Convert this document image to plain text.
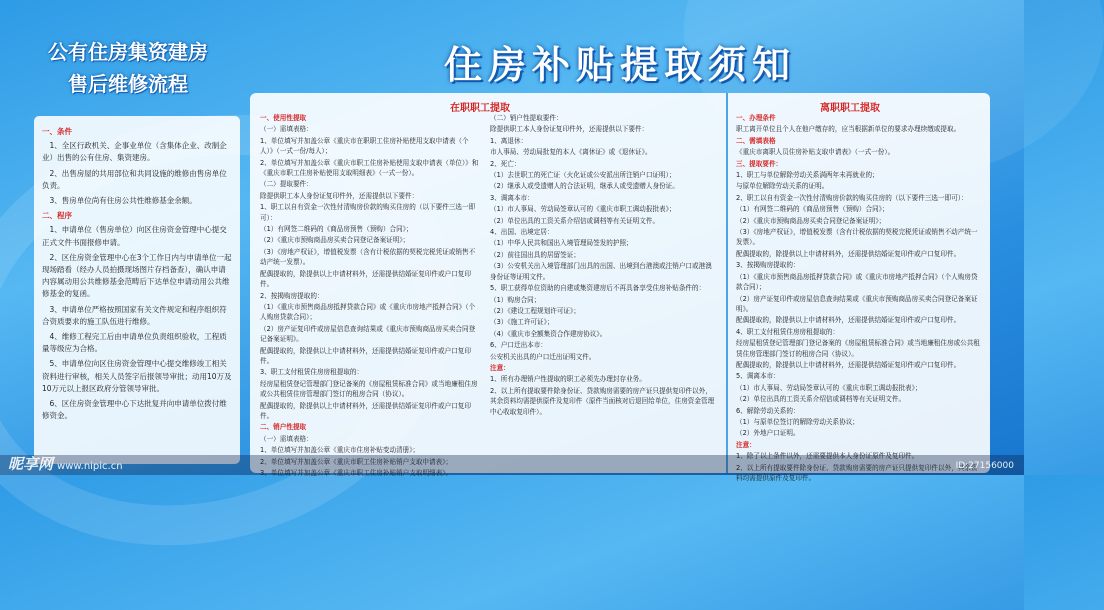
公有住房集资建房
售后维修流程
一、条件

1、全区行政机关、企事业单位（含集体企业、改制企业）出售的公有住房、集资建房。

2、出售房屋的共用部位和共同设施的维修由售房单位负责。

3、售房单位尚有住房公共性维修基金余额。

二、程序

1、申请单位（售房单位）向区住房资金管理中心提交正式文件书面报修申请。

2、区住房资金管理中心在3个工作日内与申请单位一起现场踏看（经办人员拍摄现场图片存档备查），确认申请内容属动用公共维修基金范畴后下达单位申请动用公共维修基金的复函。

3、申请单位严格按照国家有关文件规定和程序组织符合资质要求的施工队伍进行维修。

4、维修工程完工后由申请单位负责组织验收，工程质量等级应为合格。

5、申请单位向区住房资金管理中心提交维修竣工相关资料进行审核，相关人员签字后报领导审批；动用10万及10万元以上报区政府分管领导审批。

6、区住房资金管理中心下达批复并向申请单位拨付维修资金。

住房补贴提取须知
在职职工提取	离职职工提取

一、使用性提取

（一）需填表格：

1、单位填写并加盖公章《重庆市在职职工住房补贴使用支取申请表（个人）》（一式一份/每人）；

2、单位填写并加盖公章《重庆市职工住房补贴使用支取申请表（单位）》和《重庆市职工住房补贴使用支取明细表》（一式一份）。

（二）提取要件：

除提供职工本人身份证复印件外，还需提供以下要件：

1、职工以自有资金一次性付清购房价款的购买住房的（以下要件三选一即可）：

（1）有网签二维码的《商品房预售（预购）合同》；

（2）《重庆市预购商品房买卖合同登记备案证明》；

（3）《房地产权证》，增值税发票（含有计税依据的契税完税凭证或销售不动产统一发票）。

配偶提取的，除提供以上申请材料外，还需提供结婚证复印件或户口复印件。

2、按揭购房提取的：

（1）《重庆市预售商品房抵押贷款合同》或《重庆市房地产抵押合同》（个人购房贷款合同）；

（2）房产证复印件或房屋信息查询结果或《重庆市预购商品房买卖合同登记备案证明》。

配偶提取的，除提供以上申请材料外，还需提供结婚证复印件或户口复印件。

3、职工支付租赁住房房租提取的：

经房屋租赁登记管理部门登记备案的《房屋租赁标准合同》或当地廉租住房或公共租赁住房管理部门签订的租房合同（协议）。

配偶提取的，除提供以上申请材料外，还需提供结婚证复印件或户口复印件。

二、销户性提取

（一）需填表格：

1、单位填写并加盖公章《重庆市住房补贴变动清册》；

2、单位填写并加盖公章《重庆市职工住房补贴销户支取申请表》；

3、单位填写并加盖公章《重庆市职工住房补贴销户支取明细表》。

（二）销户性提取要件：

除提供职工本人身份证复印件外，还需提供以下要件：

1、离退休：

市人事局、劳动局批复的本人《离休证》或《退休证》。

2、死亡：

（1）去世职工的死亡证（火化证或公安派出所注销户口证明）；

（2）继承人或受遗赠人的合法证明，继承人或受遗赠人身份证。

3、调离本市：

（1）市人事局、劳动局签章认可的《重庆市职工调动报批表》；

（2）单位出具的工资关系介绍信或调档等有关证明文件。

4、出国、出境定居：

（1）中华人民共和国出入境管理局签发的护照；

（2）前往国出具的居留签证；

（3）公安机关出入境管理部门出具的出国、出境到台港澳或注销户口或港澳身份证等证明文件。

5、职工获得单位资助的自建或集资建房后不再具备享受住房补贴条件的：

（1）购房合同；

（2）《建设工程规划许可证》；

（3）《施工许可证》；

（4）《重庆市全额集资合作建房协议》。

6、户口迁出本市：

公安机关出具的户口迁出证明文件。

注意：

1、所有办理销户性提取的职工必须先办理封存业务。

2、以上所有提取要件除身份证、贷款购房需要的房产证只提供复印件以外，其余资料均需提供原件及复印件（原件当面核对后退回给单位，住房资金管理中心收取复印件）。

一、办理条件

职工离开单位且个人在他户缴存的，应当根据新单位的要求办理续缴或提取。

二、需填表格

《重庆市离职人员住房补贴支取申请表》（一式一份）。

三、提取要件：

1、职工与单位解除劳动关系满两年未再就业的；

与原单位解除劳动关系的证明。

2、职工以自有资金一次性付清购房价款的购买住房的（以下要件三选一即可）：

（1）有网签二维码的《商品房预售（预购）合同》；

（2）《重庆市预购商品房买卖合同登记备案证明》；

（3）《房地产权证》，增值税发票（含有计税依据的契税完税凭证或销售不动产统一发票）。

配偶提取的，除提供以上申请材料外，还需提供结婚证复印件或户口复印件。

3、按揭购房提取的：

（1）《重庆市预售商品房抵押贷款合同》或《重庆市房地产抵押合同》（个人购房贷款合同）；

（2）房产证复印件或房屋信息查询结果或《重庆市预购商品房买卖合同登记备案证明》。

配偶提取的，除提供以上申请材料外，还需提供结婚证复印件或户口复印件。

4、职工支付租赁住房房租提取的：

经房屋租赁登记管理部门登记备案的《房屋租赁标准合同》或当地廉租住房或公共租赁住房管理部门签订的租房合同（协议）。

配偶提取的，除提供以上申请材料外，还需提供结婚证复印件或户口复印件。

5、调离本市：

（1）市人事局、劳动局签章认可的《重庆市职工调动报批表》；

（2）单位出具的工资关系介绍信或调档等有关证明文件。

6、解除劳动关系的：

（1）与原单位签订的解除劳动关系协议；

（2）外地户口证明。

注意：

1、除了以上条件以外，还需要提供本人身份证原件及复印件。

2、以上所有提取要件除身份证、贷款购房需要的房产证只提供复印件以外，其余资料均需提供原件及复印件。

昵享网 www.nipic.cn	ID:27156000
